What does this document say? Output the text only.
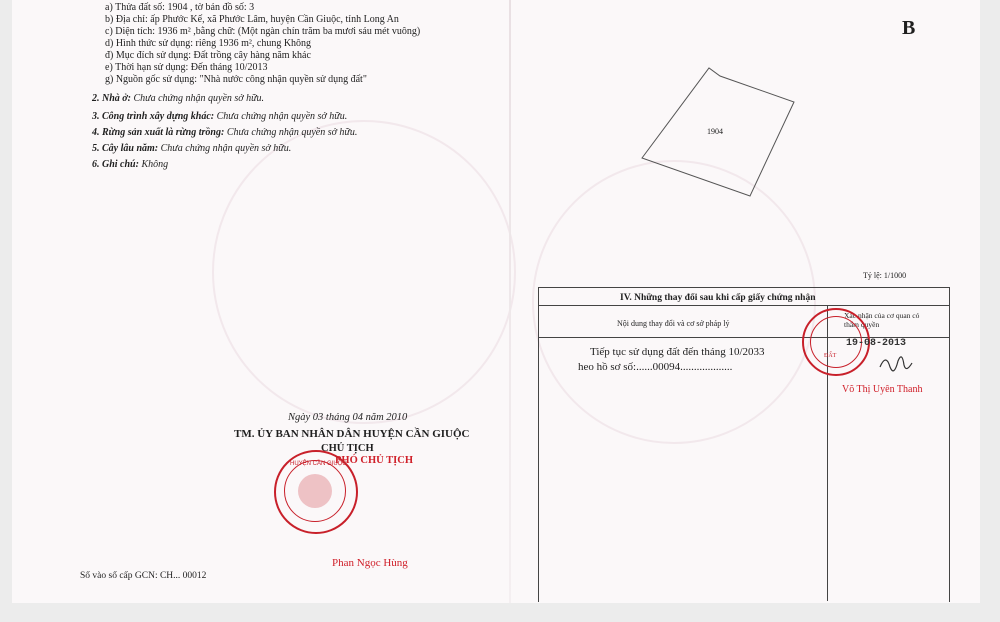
a) Thửa đất số: 1904 , tờ bản đồ số: 3
b) Địa chỉ: ấp Phước Kế, xã Phước Lâm, huyện Cần Giuộc, tỉnh Long An
c) Diện tích: 1936 m² ,bằng chữ: (Một ngàn chín trăm ba mươi sáu mét vuông)
d) Hình thức sử dụng: riêng 1936 m², chung Không
đ) Mục đích sử dụng: Đất trồng cây hàng năm khác
e) Thời hạn sử dụng: Đến tháng 10/2013
g) Nguồn gốc sử dụng: "Nhà nước công nhận quyền sử dụng đất"
2. Nhà ở: Chưa chứng nhận quyền sở hữu.
3. Công trình xây dựng khác: Chưa chứng nhận quyền sở hữu.
4. Rừng sản xuất là rừng trồng: Chưa chứng nhận quyền sở hữu.
5. Cây lâu năm: Chưa chứng nhận quyền sở hữu.
6. Ghi chú: Không
Ngày 03 tháng 04 năm 2010
TM. ỦY BAN NHÂN DÂN HUYỆN CẦN GIUỘC
CHỦ TỊCH
PHÓ CHỦ TỊCH
HUYỆN CẦN GIUỘC
Phan Ngọc Hùng
Số vào sổ cấp GCN: CH... 00012
B
1904
Tỷ lệ: 1/1000
IV. Những thay đổi sau khi cấp giấy chứng nhận
Nội dung thay đổi và cơ sở pháp lý
Xác nhận của cơ quan có thẩm quyền
Tiếp tục sử dụng đất đến tháng 10/2033
heo hồ sơ số:......00094...................
ĐẤT
19-08-2013
Võ Thị Uyên Thanh
